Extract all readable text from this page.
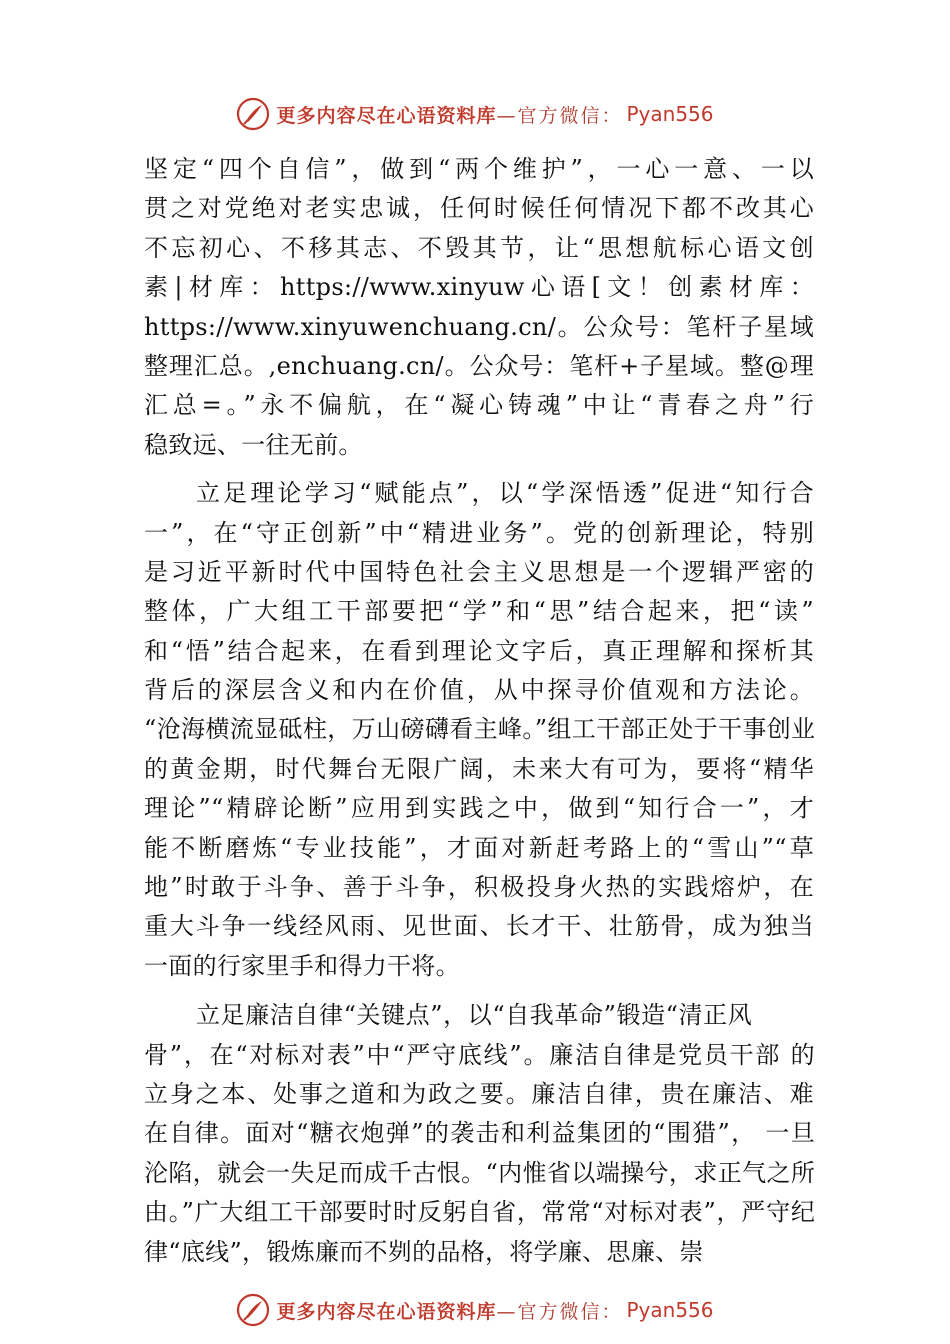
更多内容尽在心语资料库 —官方微信： Pyan556
坚定“四个自信”，做到“两个维护”，一心一意、一以
贯之对党绝对老实忠诚，任何时候任何情况下都不改其心
不忘初心、不移其志、不毁其节，让“思想航标心语文创
素|材库：https://www.xinyuw心语[文！创素材库：
https://www.xinyuwenchuang.cn/。公众号：笔杆子星域
整理汇总。,enchuang.cn/。公众号：笔杆+子星域。整@理
汇总=。”永不偏航，在“凝心铸魂”中让“青春之舟”行
稳致远、一往无前。
立足理论学习“赋能点”，以“学深悟透”促进“知行合
一”，在“守正创新”中“精进业务”。党的创新理论，特别
是习近平新时代中国特色社会主义思想是一个逻辑严密的
整体，广大组工干部要把“学”和“思”结合起来，把“读”
和“悟”结合起来，在看到理论文字后，真正理解和探析其
背后的深层含义和内在价值，从中探寻价值观和方法论。
“沧海横流显砥柱，万山磅礴看主峰。”组工干部正处于干事创业
的黄金期，时代舞台无限广阔，未来大有可为，要将“精华
理论”“精辟论断”应用到实践之中，做到“知行合一”，才
能不断磨炼“专业技能”，才面对新赶考路上的“雪山”“草
地”时敢于斗争、善于斗争，积极投身火热的实践熔炉，在
重大斗争一线经风雨、见世面、长才干、壮筋骨，成为独当
一面的行家里手和得力干将。
立足廉洁自律“关键点”，以“自我革命”锻造“清正风
骨”，在“对标对表”中“严守底线”。廉洁自律是党员干部 的
立身之本、处事之道和为政之要。廉洁自律，贵在廉洁、难
在自律。面对“糖衣炮弹”的袭击和利益集团的“围猎”， 一旦
沦陷，就会一失足而成千古恨。“内惟省以端操兮，求正气之所
由。”广大组工干部要时时反躬自省，常常“对标对表”，严守纪
律“底线”，锻炼廉而不刿的品格，将学廉、思廉、崇
更多内容尽在心语资料库 —官方微信： Pyan556
